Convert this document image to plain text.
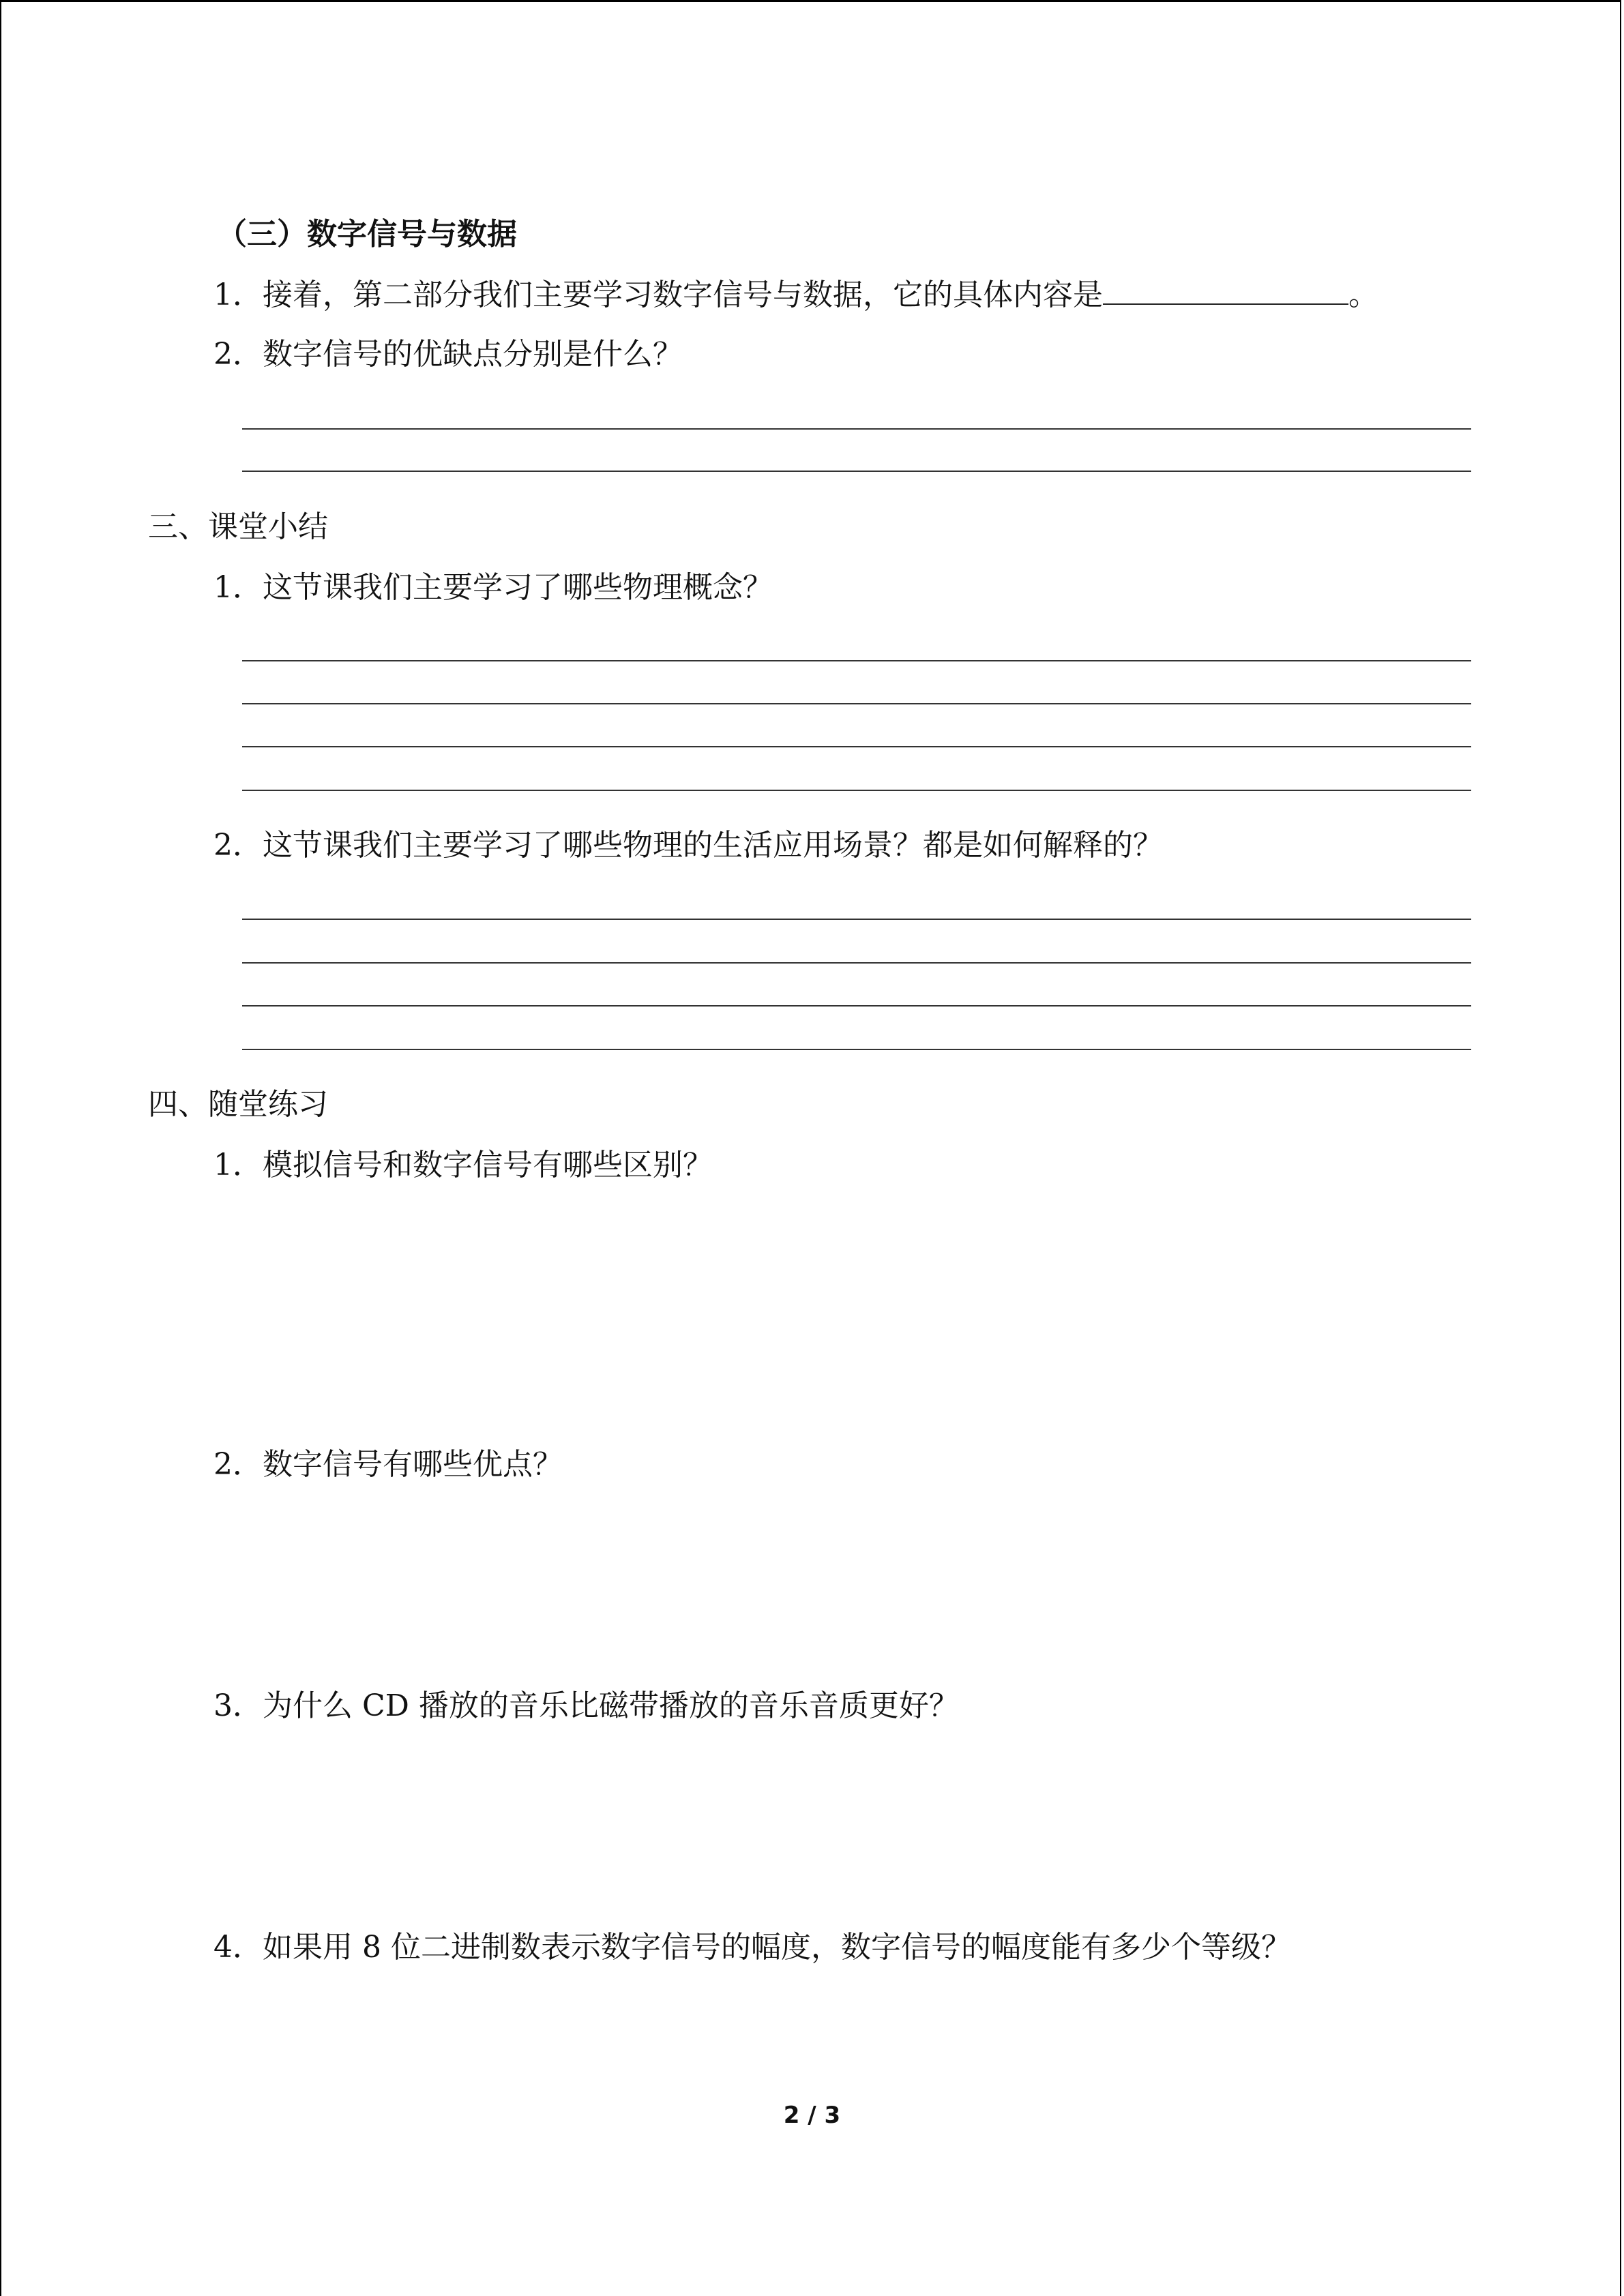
（三）数字信号与数据
1．接着，第二部分我们主要学习数字信号与数据，它的具体内容是	。
2．数字信号的优缺点分别是什么？
三、课堂小结
1．这节课我们主要学习了哪些物理概念？
2．这节课我们主要学习了哪些物理的生活应用场景？都是如何解释的？
四、随堂练习
1．模拟信号和数字信号有哪些区别？
2．数字信号有哪些优点？
3．为什么 CD 播放的音乐比磁带播放的音乐音质更好？
4．如果用 8 位二进制数表示数字信号的幅度，数字信号的幅度能有多少个等级？
2 / 3
